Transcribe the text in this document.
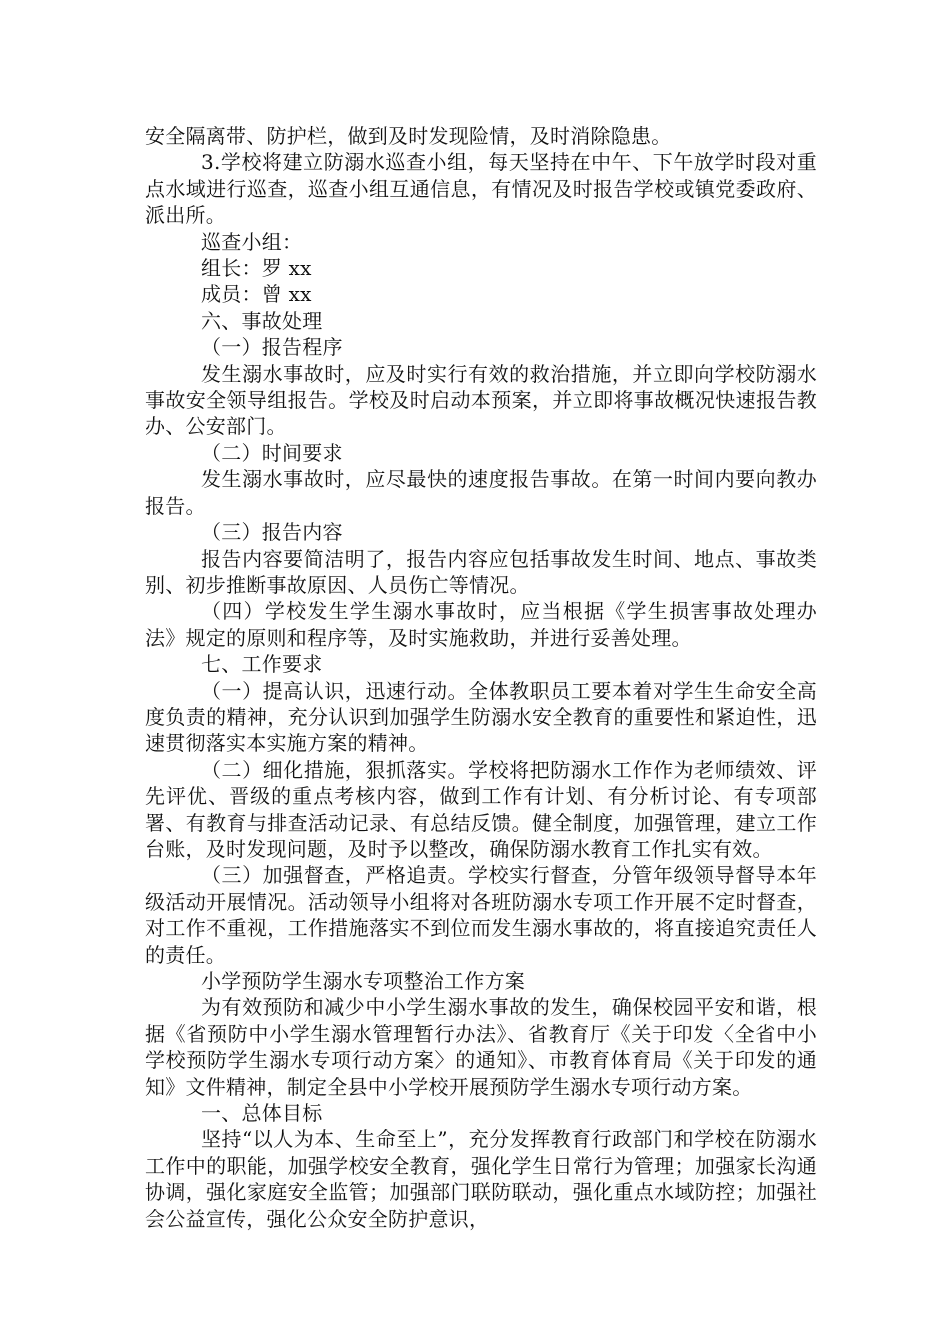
安全隔离带、防护栏，做到及时发现险情，及时消除隐患。

3.学校将建立防溺水巡查小组，每天坚持在中午、下午放学时段对重点水域进行巡查，巡查小组互通信息，有情况及时报告学校或镇党委政府、派出所。

巡查小组：

组长：罗 xx

成员：曾 xx

六、事故处理

（一）报告程序

发生溺水事故时，应及时实行有效的救治措施，并立即向学校防溺水事故安全领导组报告。学校及时启动本预案，并立即将事故概况快速报告教办、公安部门。

（二）时间要求

发生溺水事故时，应尽最快的速度报告事故。在第一时间内要向教办报告。

（三）报告内容

报告内容要简洁明了，报告内容应包括事故发生时间、地点、事故类别、初步推断事故原因、人员伤亡等情况。

（四）学校发生学生溺水事故时，应当根据《学生损害事故处理办法》规定的原则和程序等，及时实施救助，并进行妥善处理。

七、工作要求

（一）提高认识，迅速行动。全体教职员工要本着对学生生命安全高度负责的精神，充分认识到加强学生防溺水安全教育的重要性和紧迫性，迅速贯彻落实本实施方案的精神。

（二）细化措施，狠抓落实。学校将把防溺水工作作为老师绩效、评先评优、晋级的重点考核内容，做到工作有计划、有分析讨论、有专项部署、有教育与排查活动记录、有总结反馈。健全制度，加强管理，建立工作台账，及时发现问题，及时予以整改，确保防溺水教育工作扎实有效。

（三）加强督查，严格追责。学校实行督查，分管年级领导督导本年级活动开展情况。活动领导小组将对各班防溺水专项工作开展不定时督查，对工作不重视，工作措施落实不到位而发生溺水事故的，将直接追究责任人的责任。

小学预防学生溺水专项整治工作方案

为有效预防和减少中小学生溺水事故的发生，确保校园平安和谐，根据《省预防中小学生溺水管理暂行办法》、省教育厅《关于印发〈全省中小学校预防学生溺水专项行动方案〉的通知》、市教育体育局《关于印发的通知》文件精神，制定全县中小学校开展预防学生溺水专项行动方案。

一、总体目标

坚持“以人为本、生命至上”，充分发挥教育行政部门和学校在防溺水工作中的职能，加强学校安全教育，强化学生日常行为管理；加强家长沟通协调，强化家庭安全监管；加强部门联防联动，强化重点水域防控；加强社会公益宣传，强化公众安全防护意识，
